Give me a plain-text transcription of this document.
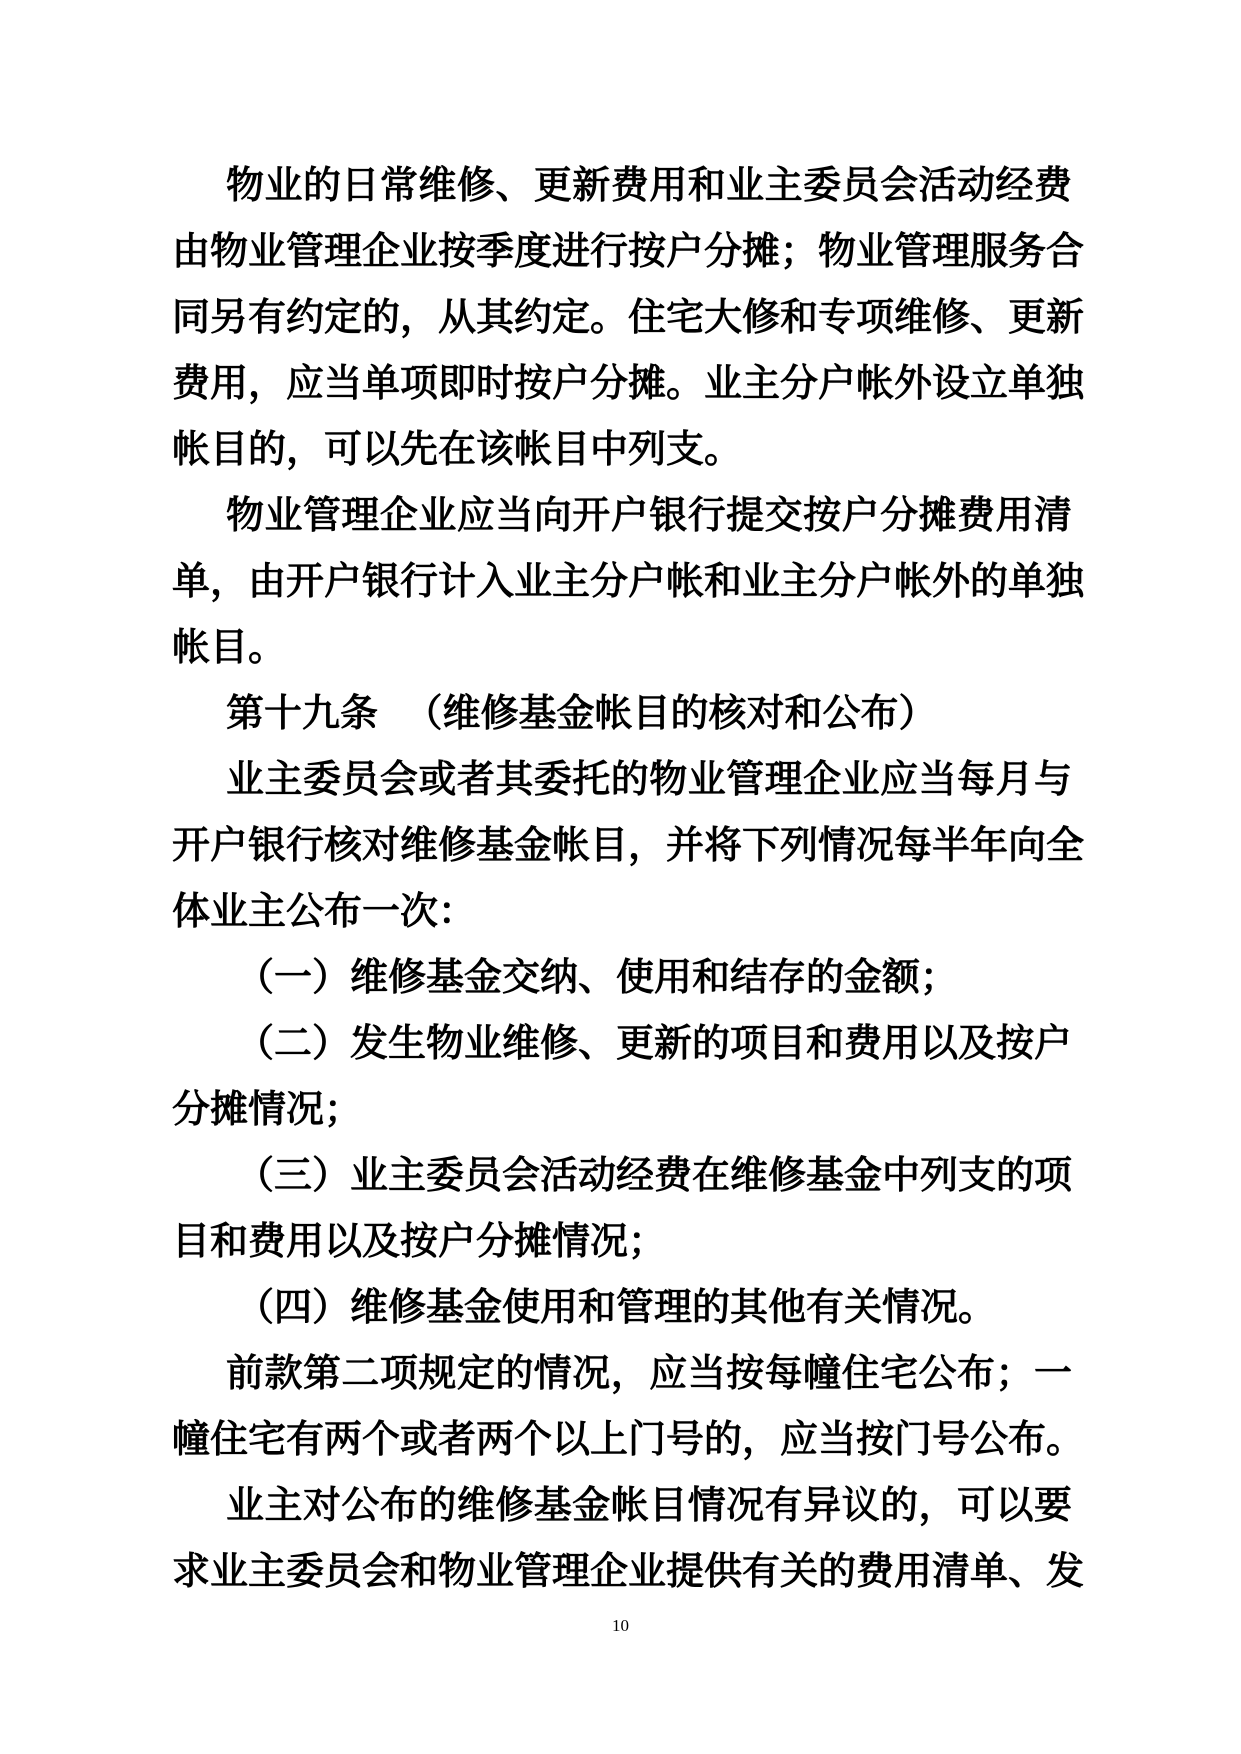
物业的日常维修、更新费用和业主委员会活动经费
由物业管理企业按季度进行按户分摊；物业管理服务合
同另有约定的，从其约定。住宅大修和专项维修、更新
费用，应当单项即时按户分摊。业主分户帐外设立单独
帐目的，可以先在该帐目中列支。
物业管理企业应当向开户银行提交按户分摊费用清
单，由开户银行计入业主分户帐和业主分户帐外的单独
帐目。
第十九条  （维修基金帐目的核对和公布）
业主委员会或者其委托的物业管理企业应当每月与
开户银行核对维修基金帐目，并将下列情况每半年向全
体业主公布一次：
（一）维修基金交纳、使用和结存的金额；
（二）发生物业维修、更新的项目和费用以及按户
分摊情况；
（三）业主委员会活动经费在维修基金中列支的项
目和费用以及按户分摊情况；
（四）维修基金使用和管理的其他有关情况。
前款第二项规定的情况，应当按每幢住宅公布；一
幢住宅有两个或者两个以上门号的，应当按门号公布。
业主对公布的维修基金帐目情况有异议的，可以要
求业主委员会和物业管理企业提供有关的费用清单、发
10
